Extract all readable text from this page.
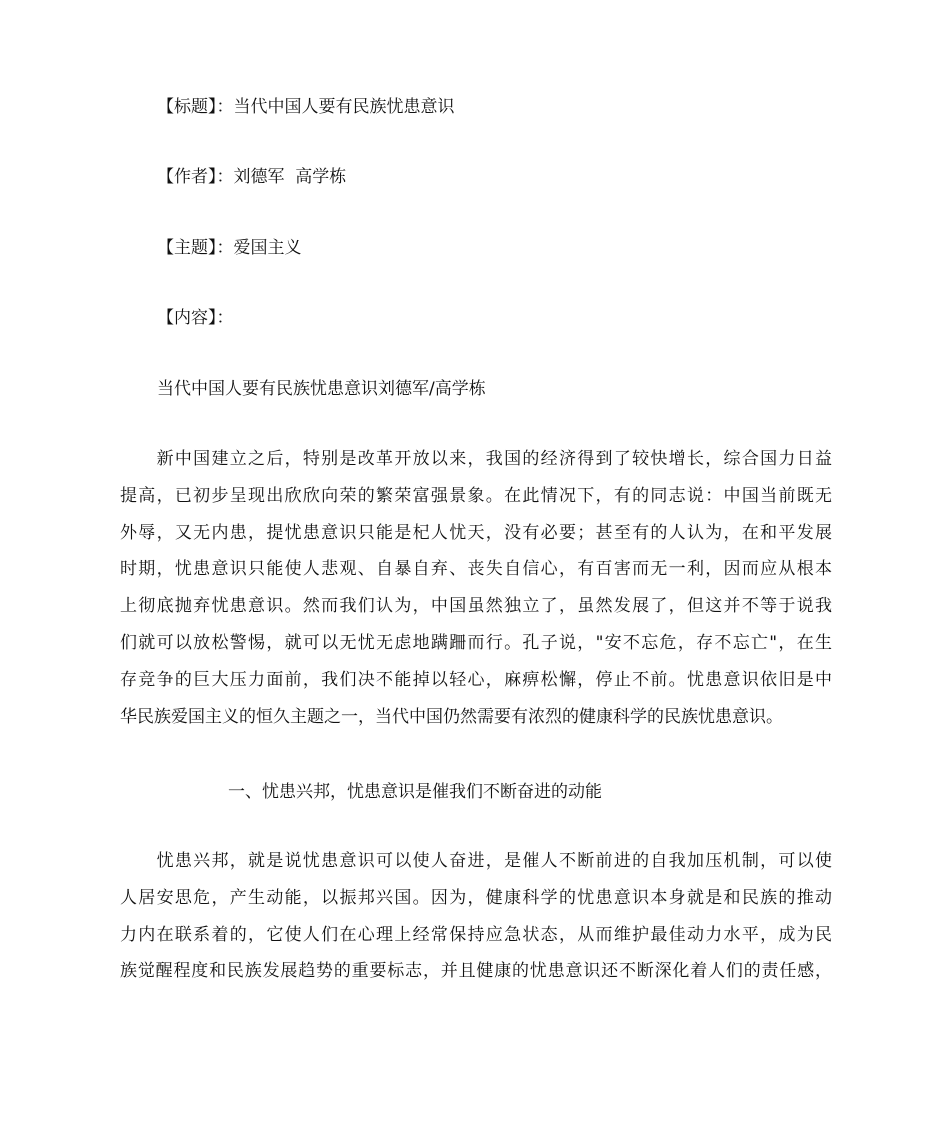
【标题】：当代中国人要有民族忧患意识
【作者】：刘德军  高学栋
【主题】：爱国主义
【内容】：
当代中国人要有民族忧患意识刘德军/高学栋
　　新中国建立之后，特别是改革开放以来，我国的经济得到了较快增长，综合国力日益
提高，已初步呈现出欣欣向荣的繁荣富强景象。在此情况下，有的同志说：中国当前既无
外辱，又无内患，提忧患意识只能是杞人忧天，没有必要；甚至有的人认为，在和平发展
时期，忧患意识只能使人悲观、自暴自弃、丧失自信心，有百害而无一利，因而应从根本
上彻底抛弃忧患意识。然而我们认为，中国虽然独立了，虽然发展了，但这并不等于说我
们就可以放松警惕，就可以无忧无虑地蹒跚而行。孔子说，"安不忘危，存不忘亡"，在生
存竞争的巨大压力面前，我们决不能掉以轻心，麻痹松懈，停止不前。忧患意识依旧是中
华民族爱国主义的恒久主题之一，当代中国仍然需要有浓烈的健康科学的民族忧患意识。
一、忧患兴邦，忧患意识是催我们不断奋进的动能
　　忧患兴邦，就是说忧患意识可以使人奋进，是催人不断前进的自我加压机制，可以使
人居安思危，产生动能，以振邦兴国。因为，健康科学的忧患意识本身就是和民族的推动
力内在联系着的，它使人们在心理上经常保持应急状态，从而维护最佳动力水平，成为民
族觉醒程度和民族发展趋势的重要标志，并且健康的忧患意识还不断深化着人们的责任感，
